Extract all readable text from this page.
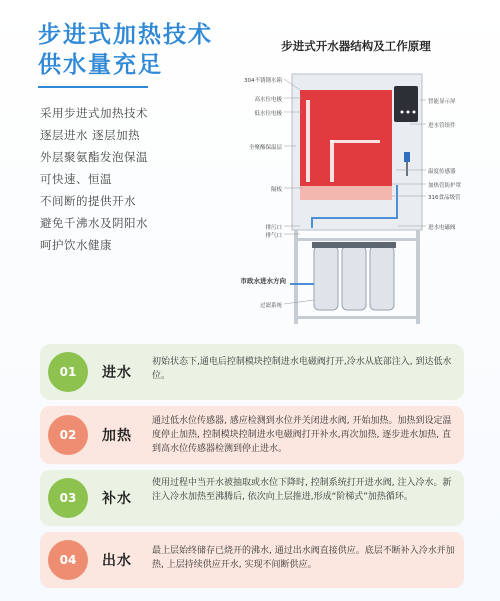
步进式加热技术
供水量充足
采用步进式加热技术
逐层进水 逐层加热
外层聚氨酯发泡保温
可快速、恒温
不间断的提供开水
避免千沸水及阴阳水
呵护饮水健康
步进式开水器结构及工作原理
304不锈钢水箱
高水位电极
低水位电极
全聚酯保温层
隔板
排污口
排气口
市政水进水方向
过滤系统
智能显示屏
进水管组件
温度传感器
加热管防护罩
316食品级管
进水电磁阀
01	进水
初始状态下,通电后控制模块控制进水电磁阀打开,冷水从底部注入, 到达低水位。
02	加热
通过低水位传感器, 感应检测到水位并关闭进水阀, 开始加热。加热到设定温度停止加热, 控制模块控制进水电磁阀打开补水,再次加热, 逐步进水加热, 直到高水位传感器检测到停止进水。
03	补水
使用过程中当开水被抽取或水位下降时, 控制系统打开进水阀, 注入冷水。新注入冷水加热至沸腾后, 依次向上层推进,形成“阶梯式”加热循环。
04	出水
最上层始终储存已烧开的沸水, 通过出水阀直接供应。底层不断补入冷水并加热, 上层持续供应开水, 实现不间断供应。
